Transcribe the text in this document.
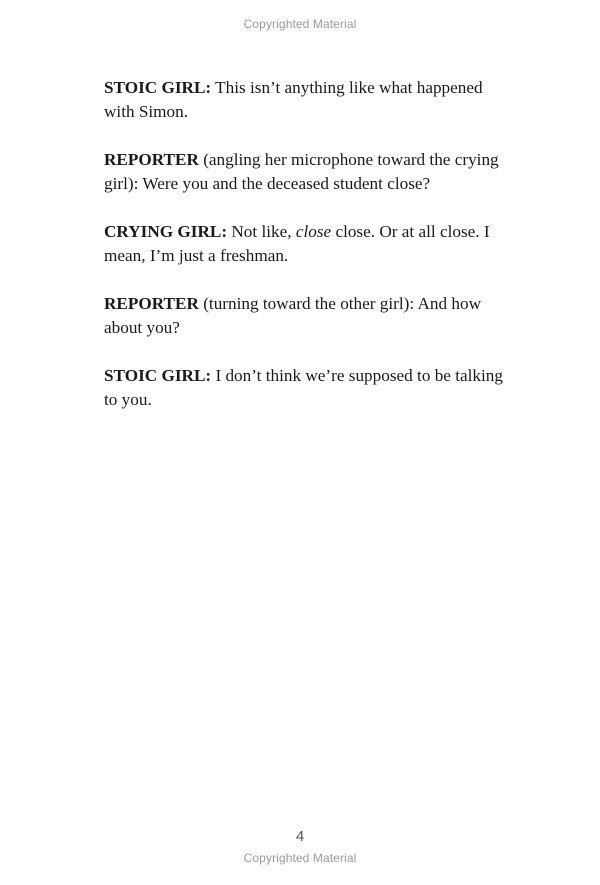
Copyrighted Material

STOIC GIRL: This isn’t anything like what happened with Simon.

REPORTER (angling her microphone toward the crying girl): Were you and the deceased student close?

CRYING GIRL: Not like, close close. Or at all close. I mean, I’m just a freshman.

REPORTER (turning toward the other girl): And how about you?

STOIC GIRL: I don’t think we’re supposed to be talking to you.

4
Copyrighted Material
